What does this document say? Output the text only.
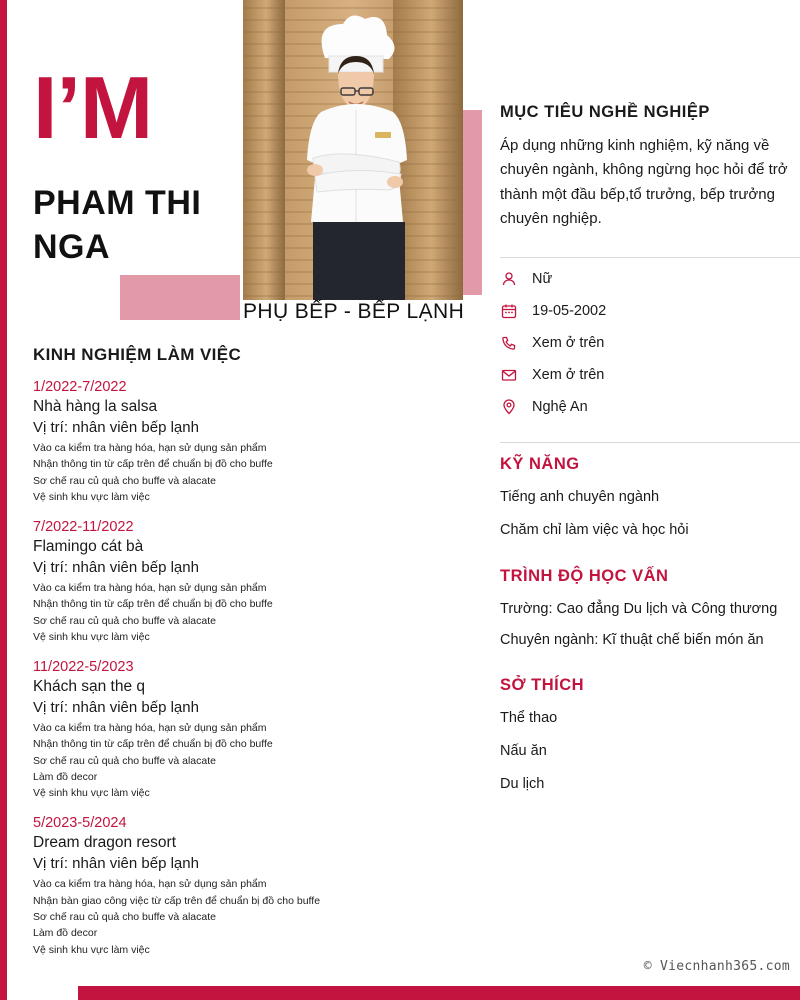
I’M
PHAM THI NGA
PHỤ BẾP - BẾP LẠNH
KINH NGHIỆM LÀM VIỆC
1/2022-7/2022
Nhà hàng la salsa
Vị trí: nhân viên bếp lạnh
Vào ca kiểm tra hàng hóa, hạn sử dụng sản phẩm
Nhận thông tin từ cấp trên để chuẩn bị đồ cho buffe
Sơ chế rau củ quả cho buffe và alacate
Vệ sinh khu vực làm việc
7/2022-11/2022
Flamingo cát bà
Vị trí: nhân viên bếp lạnh
Vào ca kiểm tra hàng hóa, hạn sử dụng sản phẩm
Nhận thông tin từ cấp trên để chuẩn bị đồ cho buffe
Sơ chế rau củ quả cho buffe và alacate
Vệ sinh khu vực làm việc
11/2022-5/2023
Khách sạn the q
Vị trí: nhân viên bếp lạnh
Vào ca kiểm tra hàng hóa, hạn sử dụng sản phẩm
Nhận thông tin từ cấp trên để chuẩn bị đồ cho buffe
Sơ chế rau củ quả cho buffe và alacate
Làm đồ decor
Vệ sinh khu vực làm việc
5/2023-5/2024
Dream dragon resort
Vị trí: nhân viên bếp lạnh
Vào ca kiểm tra hàng hóa, hạn sử dụng sản phẩm
Nhận bàn giao công việc từ cấp trên để chuẩn bị đồ cho buffe
Sơ chế rau củ quả cho buffe và alacate
Làm đồ decor
Vệ sinh khu vực làm việc
MỤC TIÊU NGHỀ NGHIỆP
Áp dụng những kinh nghiệm, kỹ năng về chuyên ngành, không ngừng học hỏi để trở thành một đầu bếp,tổ trưởng, bếp trưởng chuyên nghiệp.
Nữ
19-05-2002
Xem ở trên
Xem ở trên
Nghệ An
KỸ NĂNG
Tiếng anh chuyên ngành
Chăm chỉ làm việc và học hỏi
TRÌNH ĐỘ HỌC VẤN
Trường: Cao đẳng Du lịch và Công thương
Chuyên ngành: Kĩ thuật chế biến món ăn
SỞ THÍCH
Thể thao
Nấu ăn
Du lịch
© Viecnhanh365.com
